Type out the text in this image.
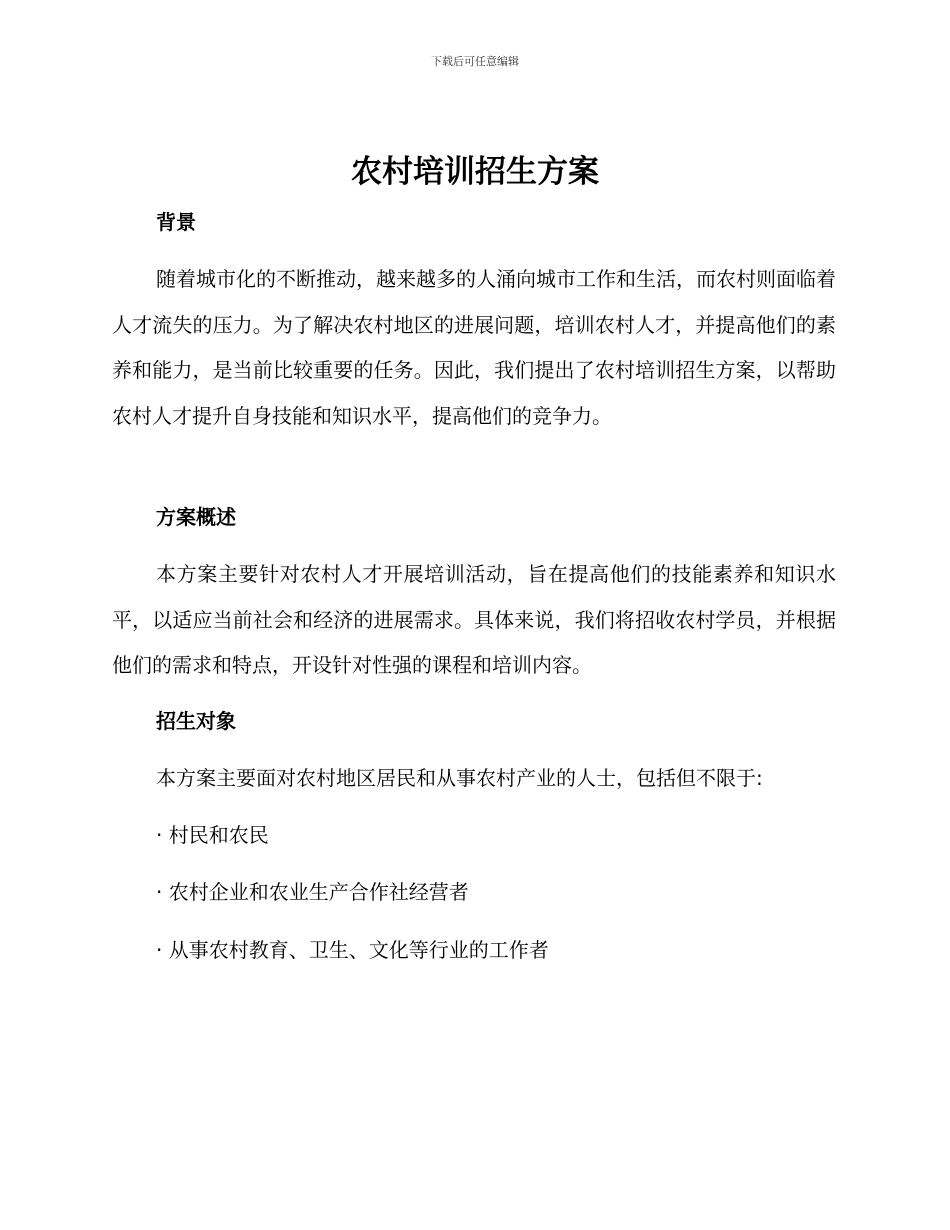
下载后可任意编辑
农村培训招生方案
背景

随着城市化的不断推动，越来越多的人涌向城市工作和生活，而农村则面临着人才流失的压力。为了解决农村地区的进展问题，培训农村人才，并提高他们的素养和能力，是当前比较重要的任务。因此，我们提出了农村培训招生方案，以帮助农村人才提升自身技能和知识水平，提高他们的竞争力。

方案概述

本方案主要针对农村人才开展培训活动，旨在提高他们的技能素养和知识水平，以适应当前社会和经济的进展需求。具体来说，我们将招收农村学员，并根据他们的需求和特点，开设针对性强的课程和培训内容。

招生对象

本方案主要面对农村地区居民和从事农村产业的人士，包括但不限于:

· 村民和农民

· 农村企业和农业生产合作社经营者

· 从事农村教育、卫生、文化等行业的工作者
